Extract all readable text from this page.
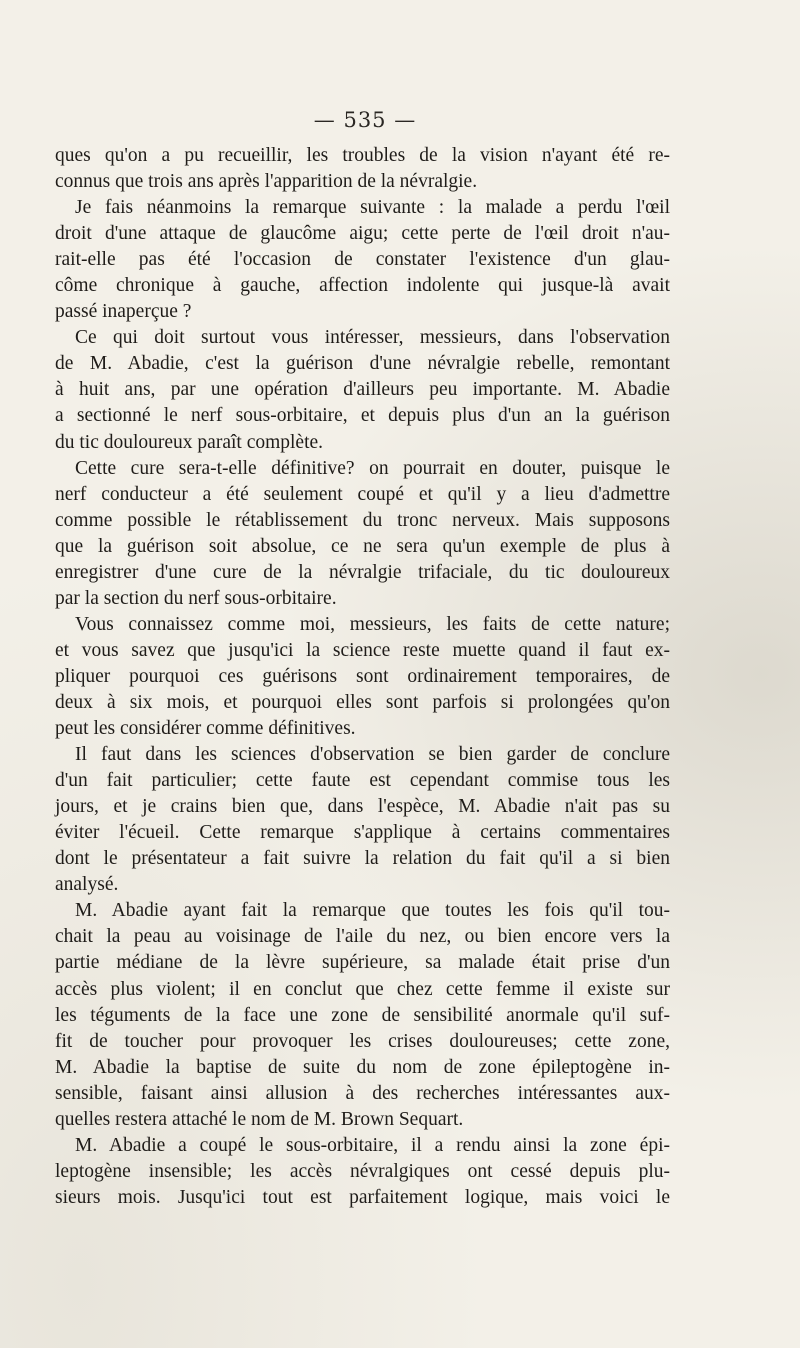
— 535 —
ques qu'on a pu recueillir, les troubles de la vision n'ayant été re-
connus que trois ans après l'apparition de la névralgie.
Je fais néanmoins la remarque suivante : la malade a perdu l'œil
droit d'une attaque de glaucôme aigu; cette perte de l'œil droit n'au-
rait-elle pas été l'occasion de constater l'existence d'un glau-
côme chronique à gauche, affection indolente qui jusque-là avait
passé inaperçue ?
Ce qui doit surtout vous intéresser, messieurs, dans l'observation
de M. Abadie, c'est la guérison d'une névralgie rebelle, remontant
à huit ans, par une opération d'ailleurs peu importante. M. Abadie
a sectionné le nerf sous-orbitaire, et depuis plus d'un an la guérison
du tic douloureux paraît complète.
Cette cure sera-t-elle définitive? on pourrait en douter, puisque le
nerf conducteur a été seulement coupé et qu'il y a lieu d'admettre
comme possible le rétablissement du tronc nerveux. Mais supposons
que la guérison soit absolue, ce ne sera qu'un exemple de plus à
enregistrer d'une cure de la névralgie trifaciale, du tic douloureux
par la section du nerf sous-orbitaire.
Vous connaissez comme moi, messieurs, les faits de cette nature;
et vous savez que jusqu'ici la science reste muette quand il faut ex-
pliquer pourquoi ces guérisons sont ordinairement temporaires, de
deux à six mois, et pourquoi elles sont parfois si prolongées qu'on
peut les considérer comme définitives.
Il faut dans les sciences d'observation se bien garder de conclure
d'un fait particulier; cette faute est cependant commise tous les
jours, et je crains bien que, dans l'espèce, M. Abadie n'ait pas su
éviter l'écueil. Cette remarque s'applique à certains commentaires
dont le présentateur a fait suivre la relation du fait qu'il a si bien
analysé.
M. Abadie ayant fait la remarque que toutes les fois qu'il tou-
chait la peau au voisinage de l'aile du nez, ou bien encore vers la
partie médiane de la lèvre supérieure, sa malade était prise d'un
accès plus violent; il en conclut que chez cette femme il existe sur
les téguments de la face une zone de sensibilité anormale qu'il suf-
fit de toucher pour provoquer les crises douloureuses; cette zone,
M. Abadie la baptise de suite du nom de zone épileptogène in-
sensible, faisant ainsi allusion à des recherches intéressantes aux-
quelles restera attaché le nom de M. Brown Sequart.
M. Abadie a coupé le sous-orbitaire, il a rendu ainsi la zone épi-
leptogène insensible; les accès névralgiques ont cessé depuis plu-
sieurs mois. Jusqu'ici tout est parfaitement logique, mais voici le
